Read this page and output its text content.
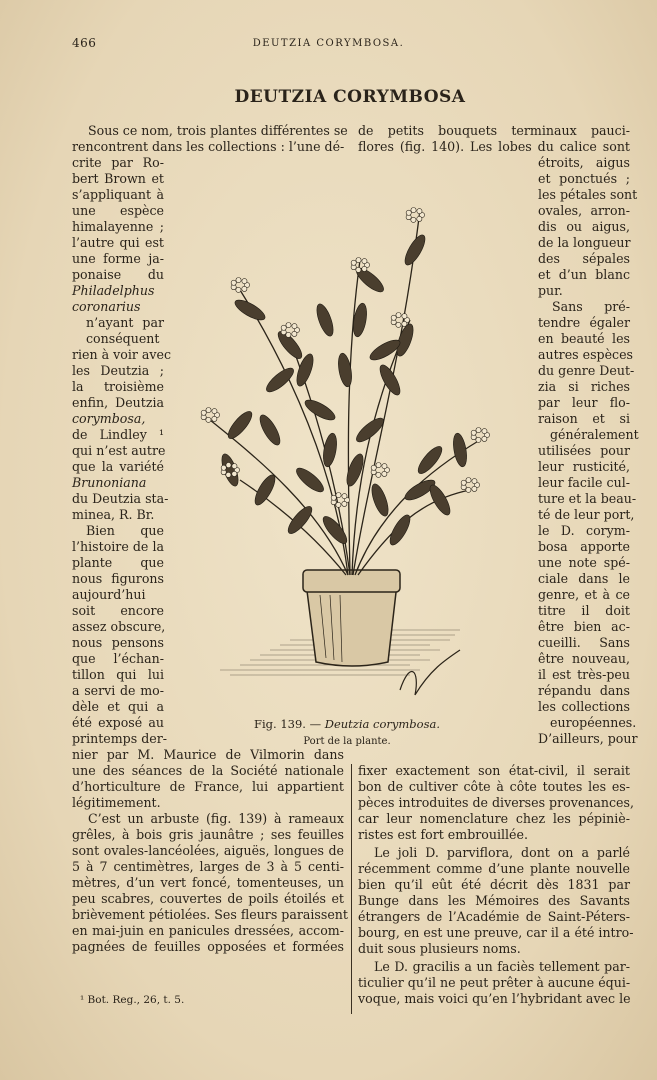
466	DEUTZIA CORYMBOSA.
DEUTZIA CORYMBOSA
Sous ce nom, trois plantes différentes se
rencontrent dans les collections : l’une dé-
de petits bouquets terminaux pauci-
flores (fig. 140). Les lobes du calice sont
crite par Ro-
bert Brown et
s’appliquant à
une espèce
himalayenne ;
l’autre qui est
une forme ja-
ponaise du
Philadelphus
coronarius
n’ayant par
conséquent
rien à voir avec
les Deutzia ;
la troisième
enfin, Deutzia
corymbosa,
de Lindley ¹
qui n’est autre
que la variété
Brunoniana
du Deutzia sta-
minea, R. Br.
Bien que
l’histoire de la
plante que
nous figurons
aujourd’hui
soit encore
assez obscure,
nous pensons
que l’échan-
tillon qui lui
a servi de mo-
dèle et qui a
été exposé au
printemps der-
étroits, aigus
et ponctués ;
les pétales sont
ovales, arron-
dis ou aigus,
de la longueur
des sépales
et d’un blanc
pur.
Sans pré-
tendre égaler
en beauté les
autres espèces
du genre Deut-
zia si riches
par leur flo-
raison et si
généralement
utilisées pour
leur rusticité,
leur facile cul-
ture et la beau-
té de leur port,
le D. corym-
bosa apporte
une note spé-
ciale dans le
genre, et à ce
titre il doit
être bien ac-
cueilli. Sans
être nouveau,
il est très-peu
répandu dans
les collections
européennes.
D’ailleurs, pour
nier par M. Maurice de Vilmorin dans
une des séances de la Société nationale
d’horticulture de France, lui appartient
légitimement.
C’est un arbuste (fig. 139) à rameaux
grêles, à bois gris jaunâtre ; ses feuilles
sont ovales-lancéolées, aiguës, longues de
5 à 7 centimètres, larges de 3 à 5 centi-
mètres, d’un vert foncé, tomenteuses, un
peu scabres, couvertes de poils étoilés et
brièvement pétiolées. Ses fleurs paraissent
en mai-juin en panicules dressées, accom-
pagnées de feuilles opposées et formées
fixer exactement son état-civil, il serait
bon de cultiver côte à côte toutes les es-
pèces introduites de diverses provenances,
car leur nomenclature chez les pépiniè-
ristes est fort embrouillée.
Le joli D. parviflora, dont on a parlé
récemment comme d’une plante nouvelle
bien qu’il eût été décrit dès 1831 par
Bunge dans les Mémoires des Savants
étrangers de l’Académie de Saint-Péters-
bourg, en est une preuve, car il a été intro-
duit sous plusieurs noms.
Le D. gracilis a un faciès tellement par-
ticulier qu’il ne peut prêter à aucune équi-
voque, mais voici qu’en l’hybridant avec le
Fig. 139. — Deutzia corymbosa.
Port de la plante.
¹ Bot. Reg., 26, t. 5.
